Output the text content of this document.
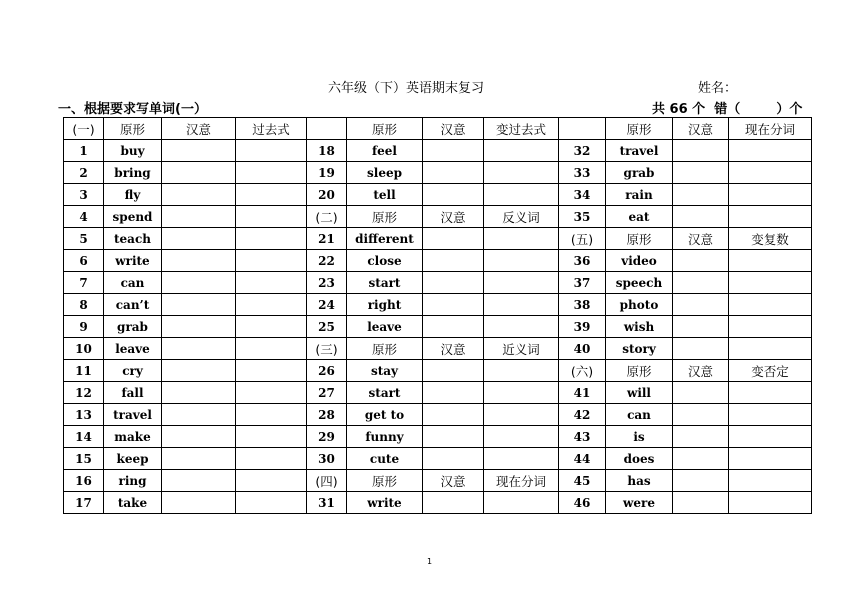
六年级（下）英语期末复习	姓名：
一、根据要求写单词(一）	共 66 个  错（        ）个
(一)	原形	汉意	过去式		原形	汉意	变过去式		原形	汉意	现在分词
1	buy			18	feel			32	travel		
2	bring			19	sleep			33	grab		
3	fly			20	tell			34	rain		
4	spend			(二)	原形	汉意	反义词	35	eat		
5	teach			21	different			(五)	原形	汉意	变复数
6	write			22	close			36	video		
7	can			23	start			37	speech		
8	can’t			24	right			38	photo		
9	grab			25	leave			39	wish		
10	leave			(三)	原形	汉意	近义词	40	story		
11	cry			26	stay			(六)	原形	汉意	变否定
12	fall			27	start			41	will		
13	travel			28	get to			42	can		
14	make			29	funny			43	is		
15	keep			30	cute			44	does		
16	ring			(四)	原形	汉意	现在分词	45	has		
17	take			31	write			46	were		
1
